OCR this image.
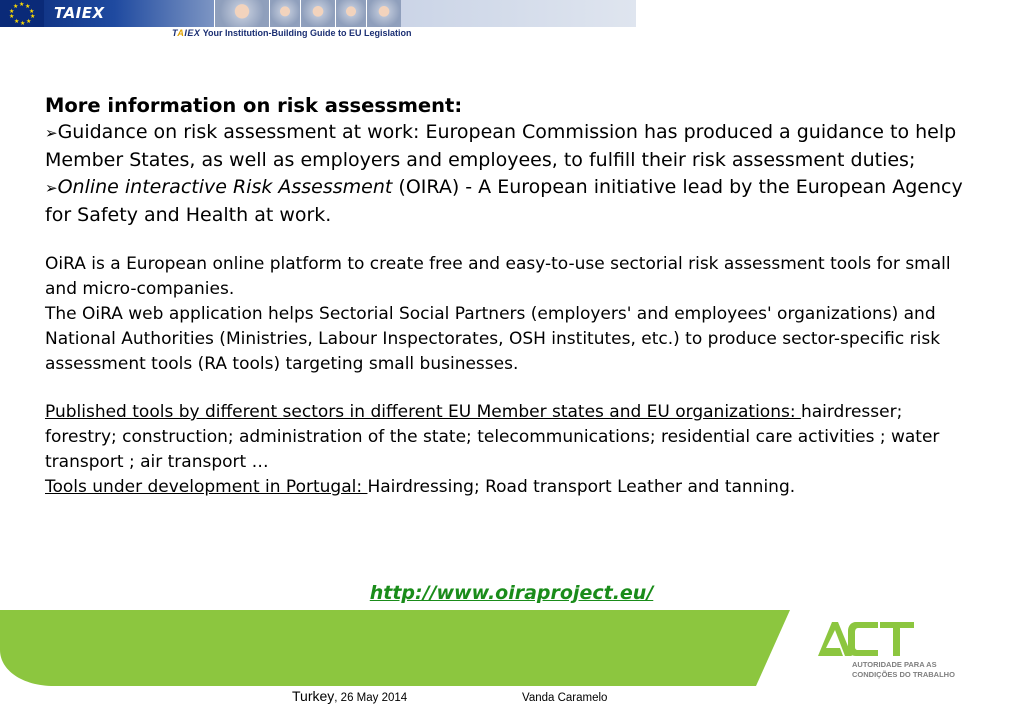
★ ★
★
★
★
★
★
★
★
★ TAIEX
TAIEX Your Institution-Building Guide to EU Legislation

More information on risk assessment:

➢Guidance on risk assessment at work: European Commission has produced a guidance to help Member States, as well as employers and employees, to fulfill their risk assessment duties;

➢Online interactive Risk Assessment (OIRA) - A European initiative lead by the European Agency for Safety and Health at work.

OiRA is a European online platform to create free and easy-to-use sectorial risk assessment tools for small and micro-companies.

The OiRA web application helps Sectorial Social Partners (employers' and employees' organizations) and National Authorities (Ministries, Labour Inspectorates, OSH institutes, etc.) to produce sector-specific risk assessment tools (RA tools) targeting small businesses.

Published tools by different sectors in different EU Member states and EU organizations: hairdresser; forestry; construction; administration of the state; telecommunications; residential care activities ; water transport ; air transport …

Tools under development in Portugal: Hairdressing; Road transport Leather and tanning.

http://www.oiraproject.eu/
AUTORIDADE PARA AS
CONDIÇÕES DO TRABALHO
Turkey, 26 May 2014	Vanda Caramelo
